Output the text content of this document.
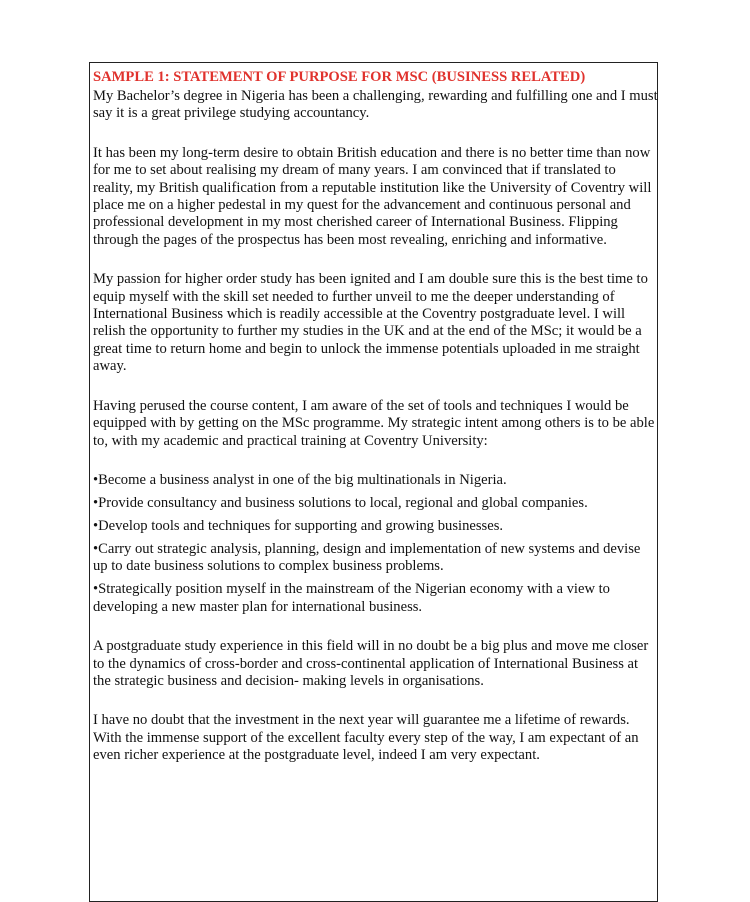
SAMPLE 1: STATEMENT OF PURPOSE FOR MSC (BUSINESS RELATED)

My Bachelor’s degree in Nigeria has been a challenging, rewarding and fulfilling one and I must say it is a great privilege studying accountancy.

It has been my long-term desire to obtain British education and there is no better time than now for me to set about realising my dream of many years. I am convinced that if translated to reality, my British qualification from a reputable institution like the University of Coventry will place me on a higher pedestal in my quest for the advancement and continuous personal and professional development in my most cherished career of International Business. Flipping through the pages of the prospectus has been most revealing, enriching and informative.

My passion for higher order study has been ignited and I am double sure this is the best time to equip myself with the skill set needed to further unveil to me the deeper understanding of International Business which is readily accessible at the Coventry postgraduate level. I will relish the opportunity to further my studies in the UK and at the end of the MSc; it would be a great time to return home and begin to unlock the immense potentials uploaded in me straight away.

Having perused the course content, I am aware of the set of tools and techniques I would be equipped with by getting on the MSc programme. My strategic intent among others is to be able to, with my academic and practical training at Coventry University:

• Become a business analyst in one of the big multinationals in Nigeria.
• Provide consultancy and business solutions to local, regional and global companies.
• Develop tools and techniques for supporting and growing businesses.
• Carry out strategic analysis, planning, design and implementation of new systems and devise up to date business solutions to complex business problems.
• Strategically position myself in the mainstream of the Nigerian economy with a view to developing a new master plan for international business.

A postgraduate study experience in this field will in no doubt be a big plus and move me closer to the dynamics of cross-border and cross-continental application of International Business at the strategic business and decision- making levels in organisations.

I have no doubt that the investment in the next year will guarantee me a lifetime of rewards. With the immense support of the excellent faculty every step of the way, I am expectant of an even richer experience at the postgraduate level, indeed I am very expectant.
